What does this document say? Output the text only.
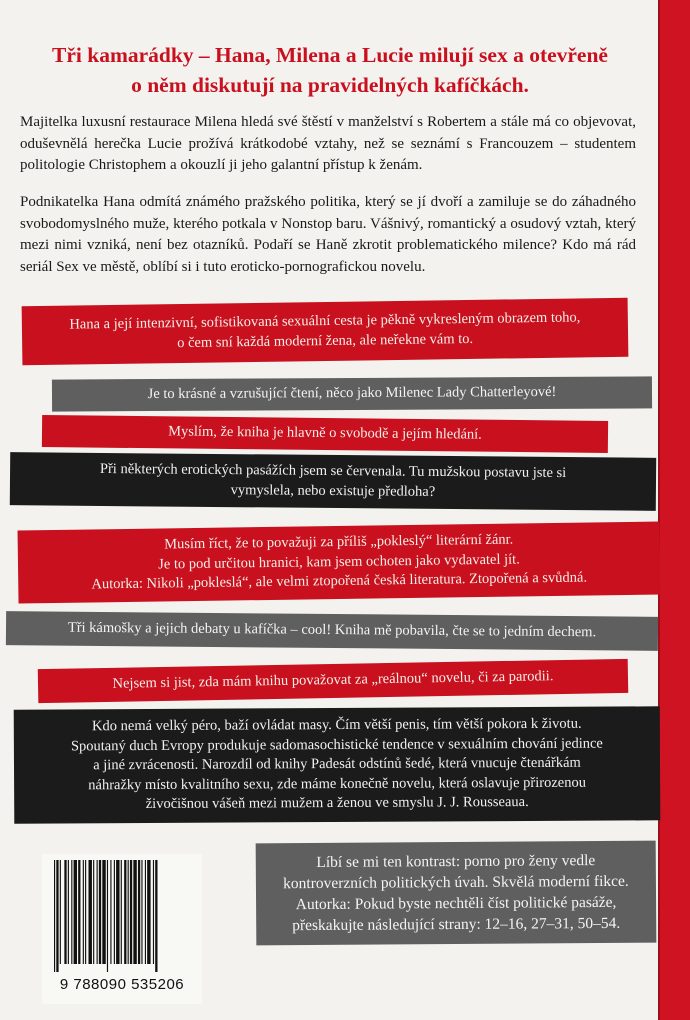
Tři kamarádky – Hana, Milena a Lucie milují sex a otevřeně
o něm diskutují na pravidelných kafíčkách.

Majitelka luxusní restaurace Milena hledá své štěstí v manželství s Robertem a stále má co objevovat, oduševnělá herečka Lucie prožívá krátkodobé vztahy, než se seznámí s Francouzem – studentem politologie Christophem a okouzlí ji jeho galantní přístup k ženám.

Podnikatelka Hana odmítá známého pražského politika, který se jí dvoří a zamiluje se do záhadného svobodomyslného muže, kterého potkala v Nonstop baru. Vášnivý, romantický a osudový vztah, který mezi nimi vzniká, není bez otazníků. Podaří se Haně zkrotit problematického milence? Kdo má rád seriál Sex ve městě, oblíbí si i tuto eroticko-pornografickou novelu.

Hana a její intenzivní, sofistikovaná sexuální cesta je pěkně vykresleným obrazem toho,
o čem sní každá moderní žena, ale neřekne vám to.
Je to krásné a vzrušující čtení, něco jako Milenec Lady Chatterleyové!
Myslím, že kniha je hlavně o svobodě a jejím hledání.
Při některých erotických pasážích jsem se červenala. Tu mužskou postavu jste si
vymyslela, nebo existuje předloha?
Musím říct, že to považuji za příliš „pokleslý“ literární žánr.
Je to pod určitou hranici, kam jsem ochoten jako vydavatel jít.
Autorka: Nikoli „pokleslá“, ale velmi ztopořená česká literatura. Ztopořená a svůdná.
Tři kámošky a jejich debaty u kafíčka – cool! Kniha mě pobavila, čte se to jedním dechem.
Nejsem si jist, zda mám knihu považovat za „reálnou“ novelu, či za parodii.
Kdo nemá velký péro, baží ovládat masy. Čím větší penis, tím větší pokora k životu.
Spoutaný duch Evropy produkuje sadomasochistické tendence v sexuálním chování jedince
a jiné zvrácenosti. Narozdíl od knihy Padesát odstínů šedé, která vnucuje čtenářkám
náhražky místo kvalitního sexu, zde máme konečně novelu, která oslavuje přirozenou
živočišnou vášeň mezi mužem a ženou ve smyslu J. J. Rousseaua.
Líbí se mi ten kontrast: porno pro ženy vedle
kontroverzních politických úvah. Skvělá moderní fikce.
Autorka: Pokud byste nechtěli číst politické pasáže,
přeskakujte následující strany: 12–16, 27–31, 50–54.
9 788090 535206
